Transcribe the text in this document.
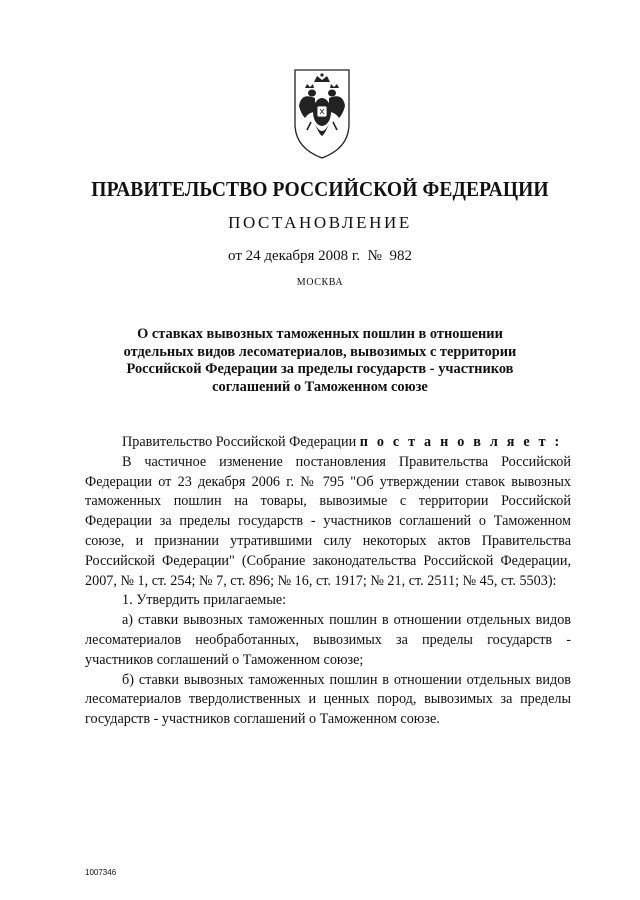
ПРАВИТЕЛЬСТВО РОССИЙСКОЙ ФЕДЕРАЦИИ
ПОСТАНОВЛЕНИЕ
от 24 декабря 2008 г. № 982
МОСКВА
О ставках вывозных таможенных пошлин в отношении
отдельных видов лесоматериалов, вывозимых с территории
Российской Федерации за пределы государств - участников
соглашений о Таможенном союзе
Правительство Российской Федерации п о с т а н о в л я е т :
В частичное изменение постановления Правительства Российской Федерации от 23 декабря 2006 г. № 795 "Об утверждении ставок вывозных таможенных пошлин на товары, вывозимые с территории Российской Федерации за пределы государств - участников соглашений о Таможенном союзе, и признании утратившими силу некоторых актов Правительства Российской Федерации" (Собрание законодательства Российской Федерации, 2007, № 1, ст. 254; № 7, ст. 896; № 16, ст. 1917; № 21, ст. 2511; № 45, ст. 5503):
1. Утвердить прилагаемые:
а) ставки вывозных таможенных пошлин в отношении отдельных видов лесоматериалов необработанных, вывозимых за пределы государств - участников соглашений о Таможенном союзе;
б) ставки вывозных таможенных пошлин в отношении отдельных видов лесоматериалов твердолиственных и ценных пород, вывозимых за пределы государств - участников соглашений о Таможенном союзе.
1007346
